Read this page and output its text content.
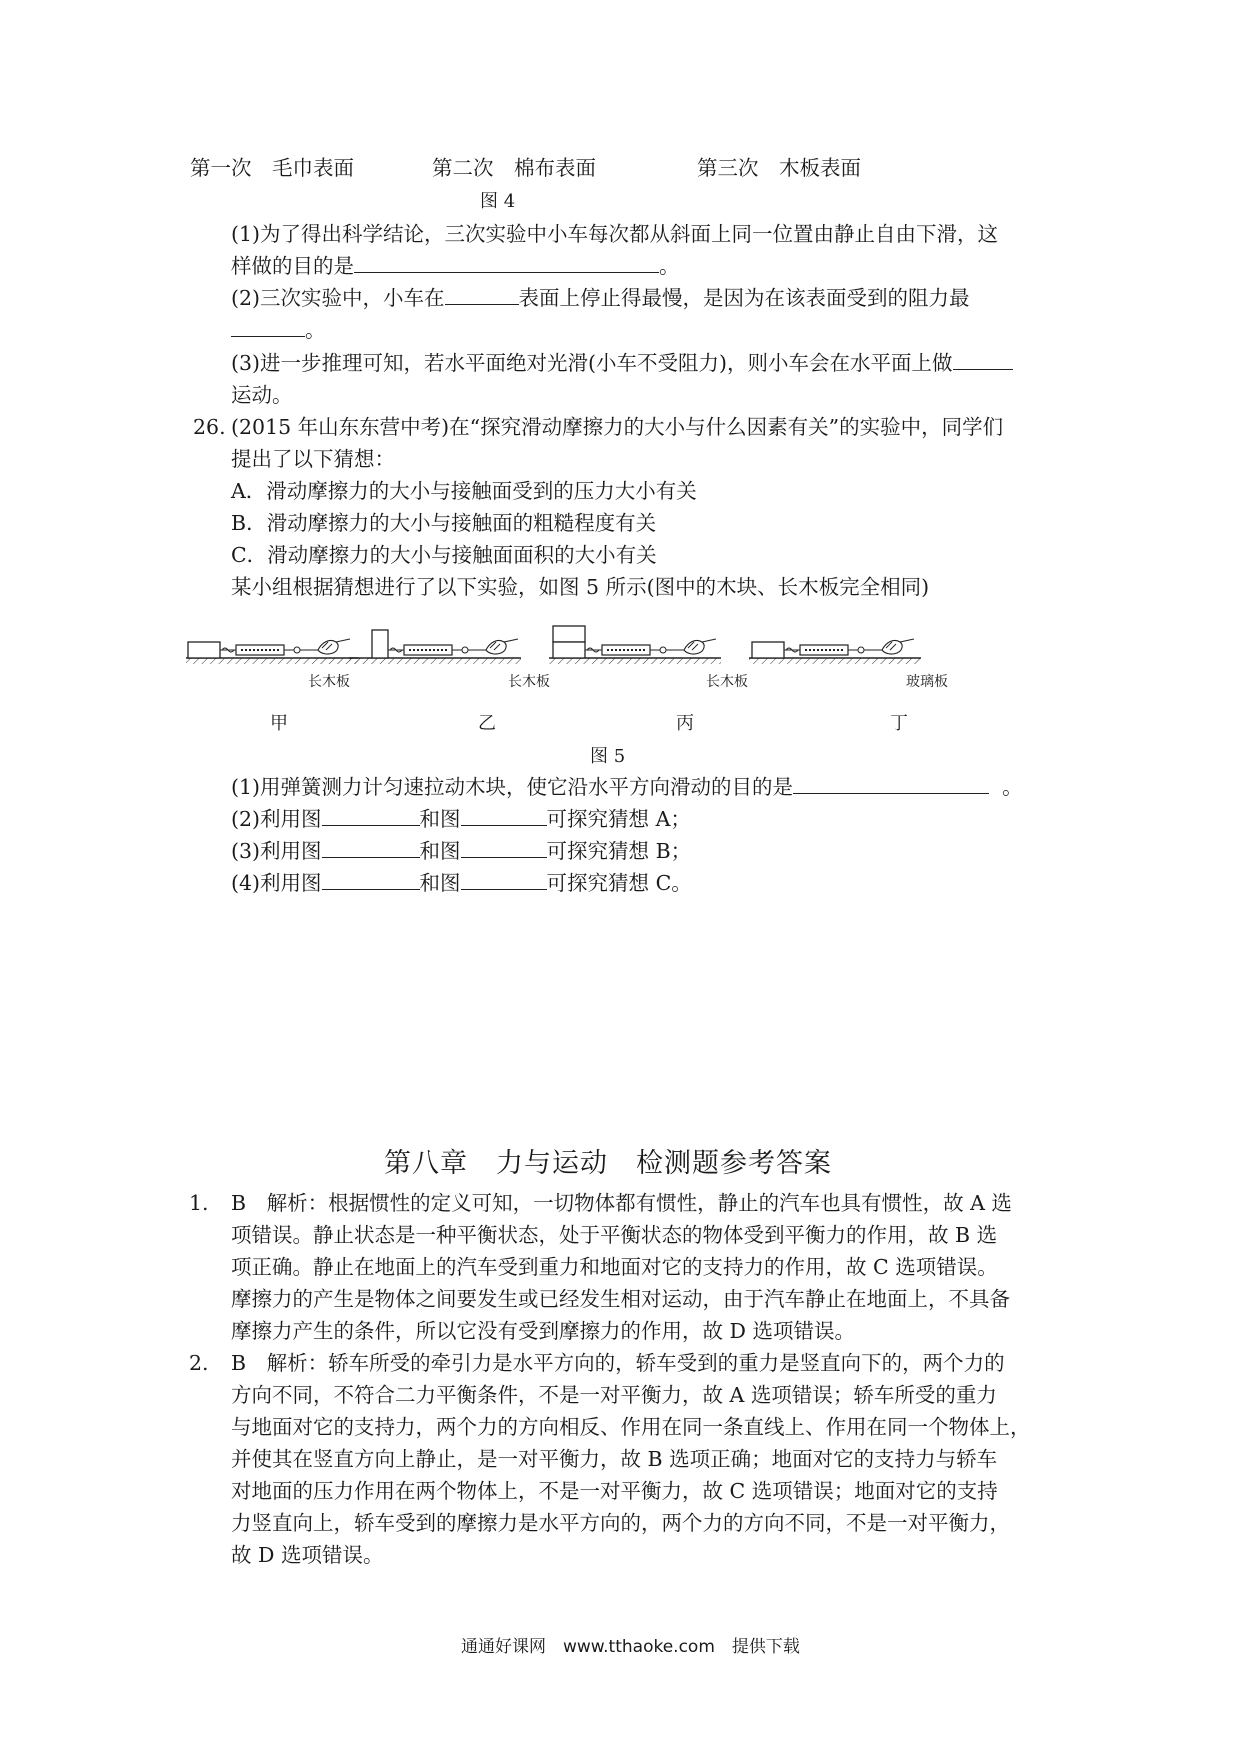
第一次　毛巾表面	第二次　棉布表面	第三次　木板表面
图 4
(1)为了得出科学结论，三次实验中小车每次都从斜面上同一位置由静止自由下滑，这
样做的目的是	。
(2)三次实验中，小车在	表面上停止得最慢，是因为在该表面受到的阻力最
。
(3)进一步推理可知，若水平面绝对光滑(小车不受阻力)，则小车会在水平面上做
运动。
26. (2015 年山东东营中考)在“探究滑动摩擦力的大小与什么因素有关”的实验中，同学们
提出了以下猜想：
A．滑动摩擦力的大小与接触面受到的压力大小有关
B．滑动摩擦力的大小与接触面的粗糙程度有关
C．滑动摩擦力的大小与接触面面积的大小有关
某小组根据猜想进行了以下实验，如图 5 所示(图中的木块、长木板完全相同)
长木板	长木板	长木板	玻璃板
甲	乙	丙	丁
图 5
(1)用弹簧测力计匀速拉动木块，使它沿水平方向滑动的目的是	。
(2)利用图	和图	可探究猜想 A；
(3)利用图	和图	可探究猜想 B；
(4)利用图	和图	可探究猜想 C。
第八章　力与运动　检测题参考答案
1. B　解析：根据惯性的定义可知，一切物体都有惯性，静止的汽车也具有惯性，故 A 选
项错误。静止状态是一种平衡状态，处于平衡状态的物体受到平衡力的作用，故 B 选
项正确。静止在地面上的汽车受到重力和地面对它的支持力的作用，故 C 选项错误。
摩擦力的产生是物体之间要发生或已经发生相对运动，由于汽车静止在地面上，不具备
摩擦力产生的条件，所以它没有受到摩擦力的作用，故 D 选项错误。
2. B　解析：轿车所受的牵引力是水平方向的，轿车受到的重力是竖直向下的，两个力的
方向不同，不符合二力平衡条件，不是一对平衡力，故 A 选项错误；轿车所受的重力
与地面对它的支持力，两个力的方向相反、作用在同一条直线上、作用在同一个物体上，
并使其在竖直方向上静止，是一对平衡力，故 B 选项正确；地面对它的支持力与轿车
对地面的压力作用在两个物体上，不是一对平衡力，故 C 选项错误；地面对它的支持
力竖直向上，轿车受到的摩擦力是水平方向的，两个力的方向不同，不是一对平衡力，
故 D 选项错误。
通通好课网　www.tthaoke.com　提供下载
